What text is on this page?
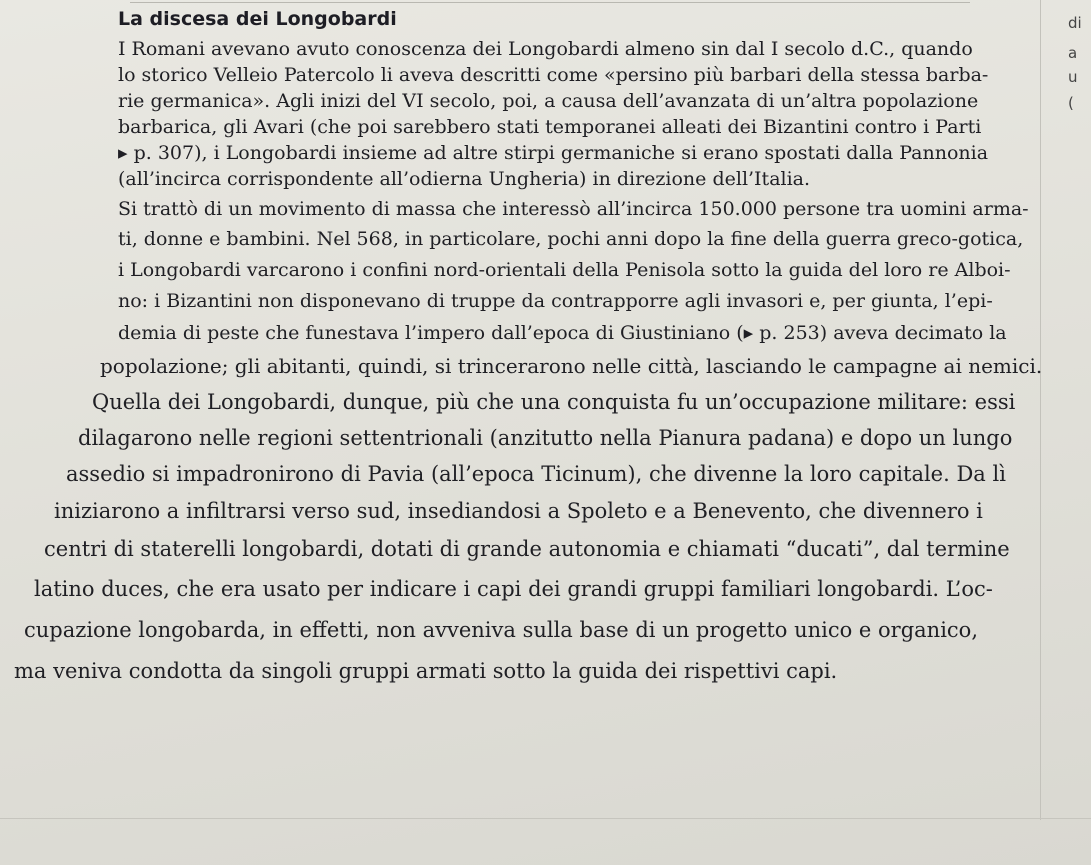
La discesa dei Longobardi	di
a
u
(

I Romani avevano avuto conoscenza dei Longobardi almeno sin dal I secolo d.C., quando

lo storico Velleio Patercolo li aveva descritti come «persino più barbari della stessa barba-

rie germanica». Agli inizi del VI secolo, poi, a causa dell’avanzata di un’altra popolazione

barbarica, gli Avari (che poi sarebbero stati temporanei alleati dei Bizantini contro i Parti

▸ p. 307), i Longobardi insieme ad altre stirpi germaniche si erano spostati dalla Pannonia

(all’incirca corrispondente all’odierna Ungheria) in direzione dell’Italia.

Si trattò di un movimento di massa che interessò all’incirca 150.000 persone tra uomini arma-

ti, donne e bambini. Nel 568, in particolare, pochi anni dopo la fine della guerra greco-gotica,

i Longobardi varcarono i confini nord-orientali della Penisola sotto la guida del loro re Alboi-

no: i Bizantini non disponevano di truppe da contrapporre agli invasori e, per giunta, l’epi-

demia di peste che funestava l’impero dall’epoca di Giustiniano (▸ p. 253) aveva decimato la

popolazione; gli abitanti, quindi, si trincerarono nelle città, lasciando le campagne ai nemici.

Quella dei Longobardi, dunque, più che una conquista fu un’occupazione militare: essi

dilagarono nelle regioni settentrionali (anzitutto nella Pianura padana) e dopo un lungo

assedio si impadronirono di Pavia (all’epoca Ticinum), che divenne la loro capitale. Da lì

iniziarono a infiltrarsi verso sud, insediandosi a Spoleto e a Benevento, che divennero i

centri di staterelli longobardi, dotati di grande autonomia e chiamati “ducati”, dal termine

latino duces, che era usato per indicare i capi dei grandi gruppi familiari longobardi. L’oc-

cupazione longobarda, in effetti, non avveniva sulla base di un progetto unico e organico,

ma veniva condotta da singoli gruppi armati sotto la guida dei rispettivi capi.
